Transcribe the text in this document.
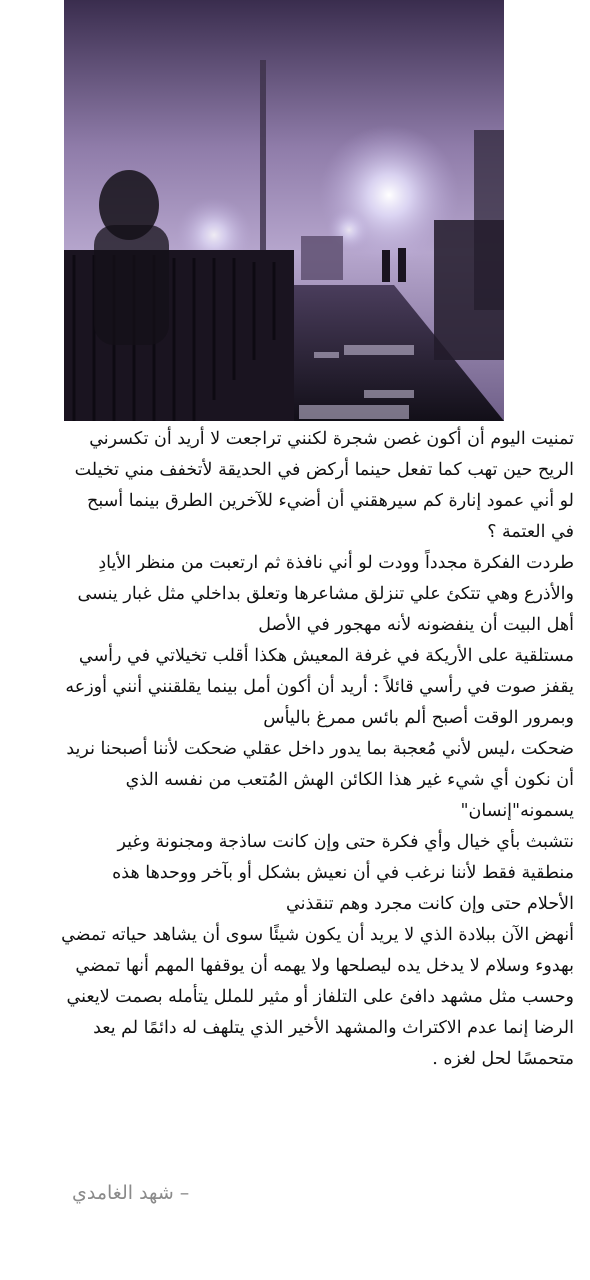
تمنيت اليوم أن أكون غصن شجرة لكنني تراجعت لا أريد أن تكسرني الريح حين تهب كما تفعل حينما أركض في الحديقة لأتخفف مني تخيلت لو أني عمود إنارة كم سيرهقني أن أضيء للآخرين الطرق بينما أسبح في العتمة ؟

طردت الفكرة مجدداً وودت لو أني نافذة ثم ارتعبت من منظر الأيادِ والأذرع وهي تتكئ علي تنزلق مشاعرها وتعلق بداخلي مثل غبار ينسى أهل البيت أن ينفضونه لأنه مهجور في الأصل

مستلقية على الأريكة في غرفة المعيش هكذا أقلب تخيلاتي في رأسي يقفز صوت في رأسي قائلاً : أريد أن أكون أمل بينما يقلقنني أنني أوزعه وبمرور الوقت أصبح ألم بائس ممرغ باليأس

ضحكت ،ليس لأني مُعجبة بما يدور داخل عقلي ضحكت لأننا أصبحنا نريد أن نكون أي شيء غير هذا الكائن الهش المُتعب من نفسه الذي يسمونه"إنسان"

نتشبث بأي خيال وأي فكرة حتى وإن كانت ساذجة ومجنونة وغير منطقية فقط لأننا نرغب في أن نعيش بشكل أو بآخر ووحدها هذه الأحلام حتى وإن كانت مجرد وهم تنقذني

أنهض الآن ببلادة الذي لا يريد أن يكون شيئًا سوى أن يشاهد حياته تمضي بهدوء وسلام لا يدخل يده ليصلحها ولا يهمه أن يوقفها المهم أنها تمضي وحسب مثل مشهد دافئ على التلفاز أو مثير للملل يتأمله بصمت لايعني الرضا إنما عدم الاكتراث والمشهد الأخير الذي يتلهف له دائمًا لم يعد متحمسًا لحل لغزه .

– شهد الغامدي
